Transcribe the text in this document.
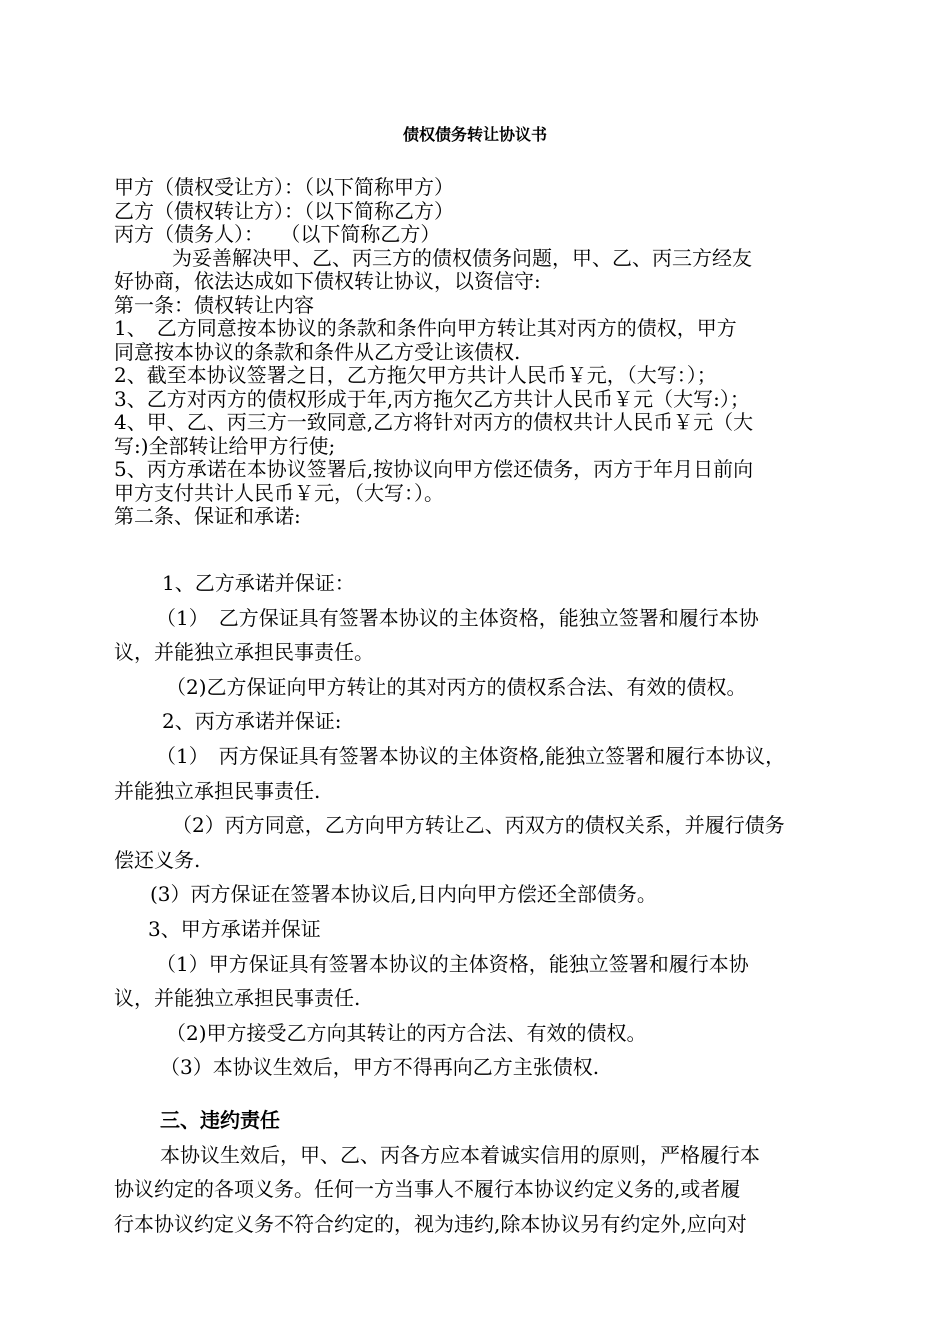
债权债务转让协议书
甲方（债权受让方）：（以下简称甲方）
乙方（债权转让方）：（以下简称乙方）
丙方（债务人）：　 （以下简称乙方）
为妥善解决甲、乙、丙三方的债权债务问题，甲、乙、丙三方经友
好协商，依法达成如下债权转让协议，以资信守:
第一条：债权转让内容
1、　乙方同意按本协议的条款和条件向甲方转让其对丙方的债权，甲方
同意按本协议的条款和条件从乙方受让该债权.
2、截至本协议签署之日，乙方拖欠甲方共计人民币￥元，（大写：）；
3、乙方对丙方的债权形成于年,丙方拖欠乙方共计人民币￥元（大写:）；
4、甲、乙、丙三方一致同意,乙方将针对丙方的债权共计人民币￥元（大
写:)全部转让给甲方行使;
5、丙方承诺在本协议签署后,按协议向甲方偿还债务，丙方于年月日前向
甲方支付共计人民币￥元，（大写：）。
第二条、保证和承诺:
1、乙方承诺并保证：
（1）　乙方保证具有签署本协议的主体资格，能独立签署和履行本协
议，并能独立承担民事责任。
（2)乙方保证向甲方转让的其对丙方的债权系合法、有效的债权。
2、丙方承诺并保证:
（1）　丙方保证具有签署本协议的主体资格,能独立签署和履行本协议，
并能独立承担民事责任.
（2）丙方同意，乙方向甲方转让乙、丙双方的债权关系，并履行债务
偿还义务.
(3）丙方保证在签署本协议后,日内向甲方偿还全部债务。
3、甲方承诺并保证
（1）甲方保证具有签署本协议的主体资格，能独立签署和履行本协
议，并能独立承担民事责任.
（2)甲方接受乙方向其转让的丙方合法、有效的债权。
（3）本协议生效后，甲方不得再向乙方主张债权.
三、违约责任
本协议生效后，甲、乙、丙各方应本着诚实信用的原则，严格履行本
协议约定的各项义务。任何一方当事人不履行本协议约定义务的,或者履
行本协议约定义务不符合约定的，视为违约,除本协议另有约定外,应向对
